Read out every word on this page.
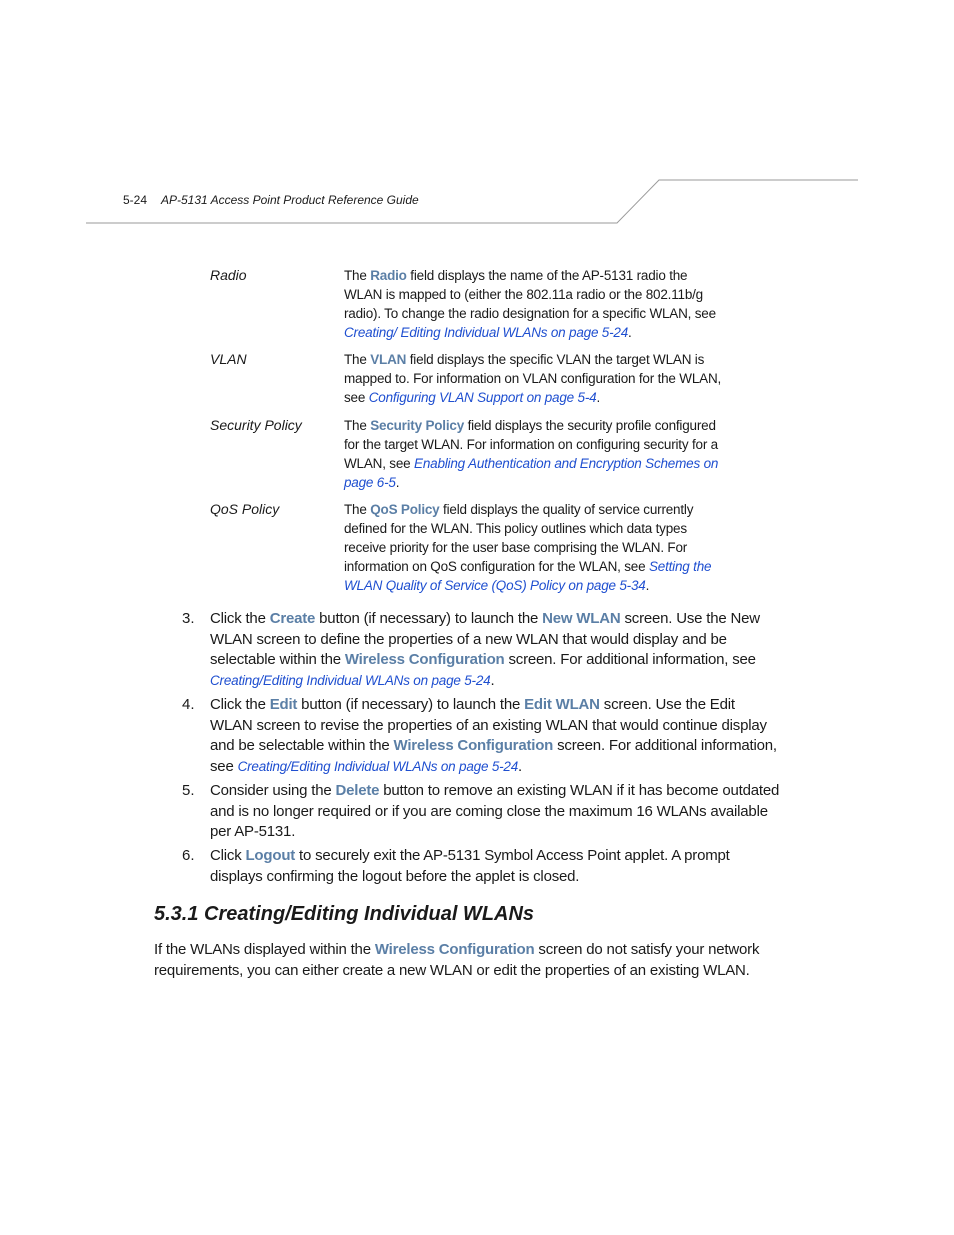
5-24 AP-5131 Access Point Product Reference Guide
Radio	The Radio field displays the name of the AP-5131 radio the WLAN is mapped to (either the 802.11a radio or the 802.11b/g radio). To change the radio designation for a specific WLAN, see Creating/ Editing Individual WLANs on page 5-24.
VLAN	The VLAN field displays the specific VLAN the target WLAN is mapped to. For information on VLAN configuration for the WLAN, see Configuring VLAN Support on page 5-4.
Security Policy	The Security Policy field displays the security profile configured for the target WLAN. For information on configuring security for a WLAN, see Enabling Authentication and Encryption Schemes on page 6-5.
QoS Policy	The QoS Policy field displays the quality of service currently defined for the WLAN. This policy outlines which data types receive priority for the user base comprising the WLAN. For information on QoS configuration for the WLAN, see Setting the WLAN Quality of Service (QoS) Policy on page 5-34.
3. Click the Create button (if necessary) to launch the New WLAN screen. Use the New WLAN screen to define the properties of a new WLAN that would display and be selectable within the Wireless Configuration screen. For additional information, see Creating/Editing Individual WLANs on page 5-24.
4. Click the Edit button (if necessary) to launch the Edit WLAN screen. Use the Edit WLAN screen to revise the properties of an existing WLAN that would continue display and be selectable within the Wireless Configuration screen. For additional information, see Creating/Editing Individual WLANs on page 5-24.
5. Consider using the Delete button to remove an existing WLAN if it has become outdated and is no longer required or if you are coming close the maximum 16 WLANs available per AP-5131.
6. Click Logout to securely exit the AP-5131 Symbol Access Point applet. A prompt displays confirming the logout before the applet is closed.
5.3.1 Creating/Editing Individual WLANs
If the WLANs displayed within the Wireless Configuration screen do not satisfy your network requirements, you can either create a new WLAN or edit the properties of an existing WLAN.
